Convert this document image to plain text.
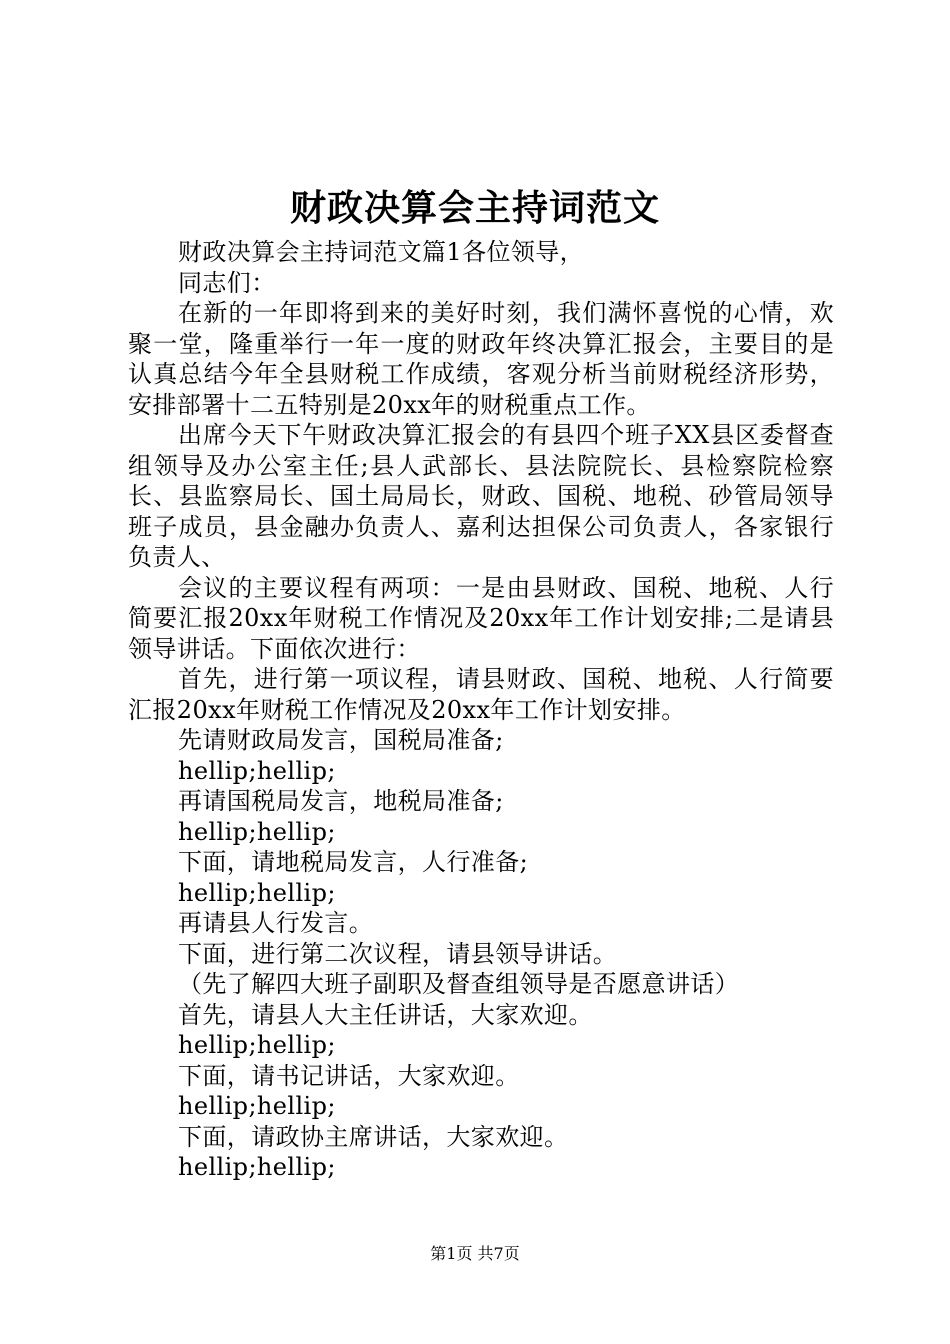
财政决算会主持词范文

财政决算会主持词范文篇1各位领导，

同志们：

在新的一年即将到来的美好时刻，我们满怀喜悦的心情，欢聚一堂，隆重举行一年一度的财政年终决算汇报会，主要目的是认真总结今年全县财税工作成绩，客观分析当前财税经济形势，安排部署十二五特别是20xx年的财税重点工作。

出席今天下午财政决算汇报会的有县四个班子XX县区委督查组领导及办公室主任;县人武部长、县法院院长、县检察院检察长、县监察局长、国土局局长，财政、国税、地税、砂管局领导班子成员，县金融办负责人、嘉利达担保公司负责人，各家银行负责人、

会议的主要议程有两项：一是由县财政、国税、地税、人行简要汇报20xx年财税工作情况及20xx年工作计划安排;二是请县领导讲话。下面依次进行：

首先，进行第一项议程，请县财政、国税、地税、人行简要汇报20xx年财税工作情况及20xx年工作计划安排。

先请财政局发言，国税局准备;

hellip;hellip;

再请国税局发言，地税局准备;

hellip;hellip;

下面，请地税局发言，人行准备;

hellip;hellip;

再请县人行发言。

下面，进行第二次议程，请县领导讲话。

（先了解四大班子副职及督查组领导是否愿意讲话）

首先，请县人大主任讲话，大家欢迎。

hellip;hellip;

下面，请书记讲话，大家欢迎。

hellip;hellip;

下面，请政协主席讲话，大家欢迎。

hellip;hellip;

第1页 共7页
